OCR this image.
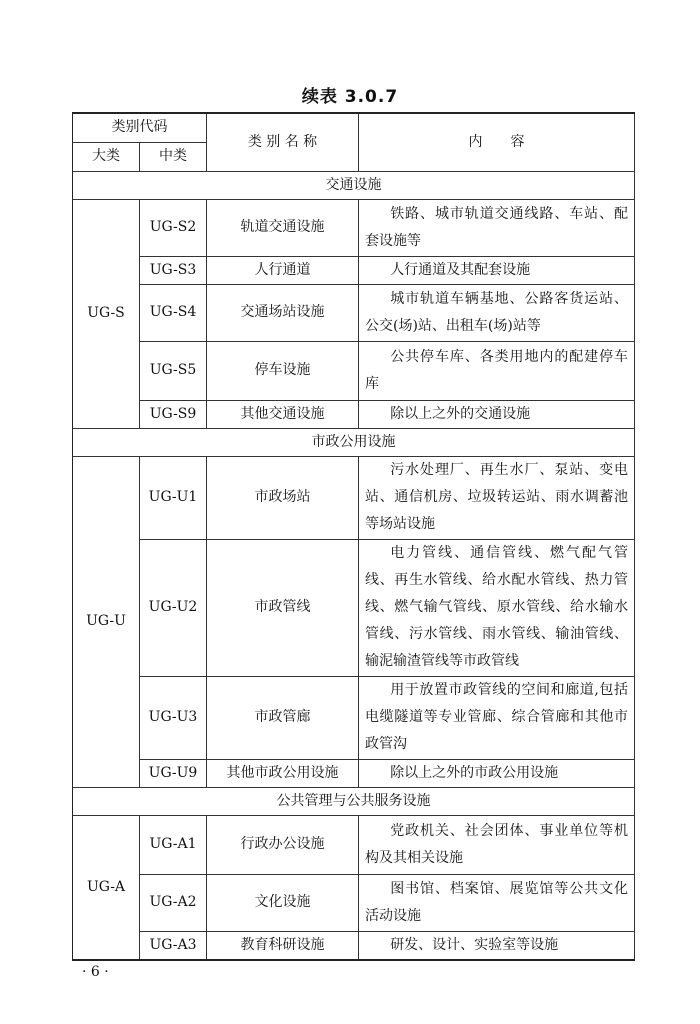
续表 3.0.7
类别代码		类 别 名 称	内　　容
大类	中类		
交通设施			
UG-S	UG-S2	轨道交通设施	铁路、城市轨道交通线路、车站、配套设施等
	UG-S3	人行通道	人行通道及其配套设施
	UG-S4	交通场站设施	城市轨道车辆基地、公路客货运站、公交(场)站、出租车(场)站等
	UG-S5	停车设施	公共停车库、各类用地内的配建停车库
	UG-S9	其他交通设施	除以上之外的交通设施
市政公用设施			
UG-U	UG-U1	市政场站	污水处理厂、再生水厂、泵站、变电站、通信机房、垃圾转运站、雨水调蓄池等场站设施
	UG-U2	市政管线	电力管线、通信管线、燃气配气管线、再生水管线、给水配水管线、热力管线、燃气输气管线、原水管线、给水输水管线、污水管线、雨水管线、输油管线、输泥输渣管线等市政管线
	UG-U3	市政管廊	用于放置市政管线的空间和廊道,包括电缆隧道等专业管廊、综合管廊和其他市政管沟
	UG-U9	其他市政公用设施	除以上之外的市政公用设施
公共管理与公共服务设施			
UG-A	UG-A1	行政办公设施	党政机关、社会团体、事业单位等机构及其相关设施
	UG-A2	文化设施	图书馆、档案馆、展览馆等公共文化活动设施
	UG-A3	教育科研设施	研发、设计、实验室等设施
· 6 ·
